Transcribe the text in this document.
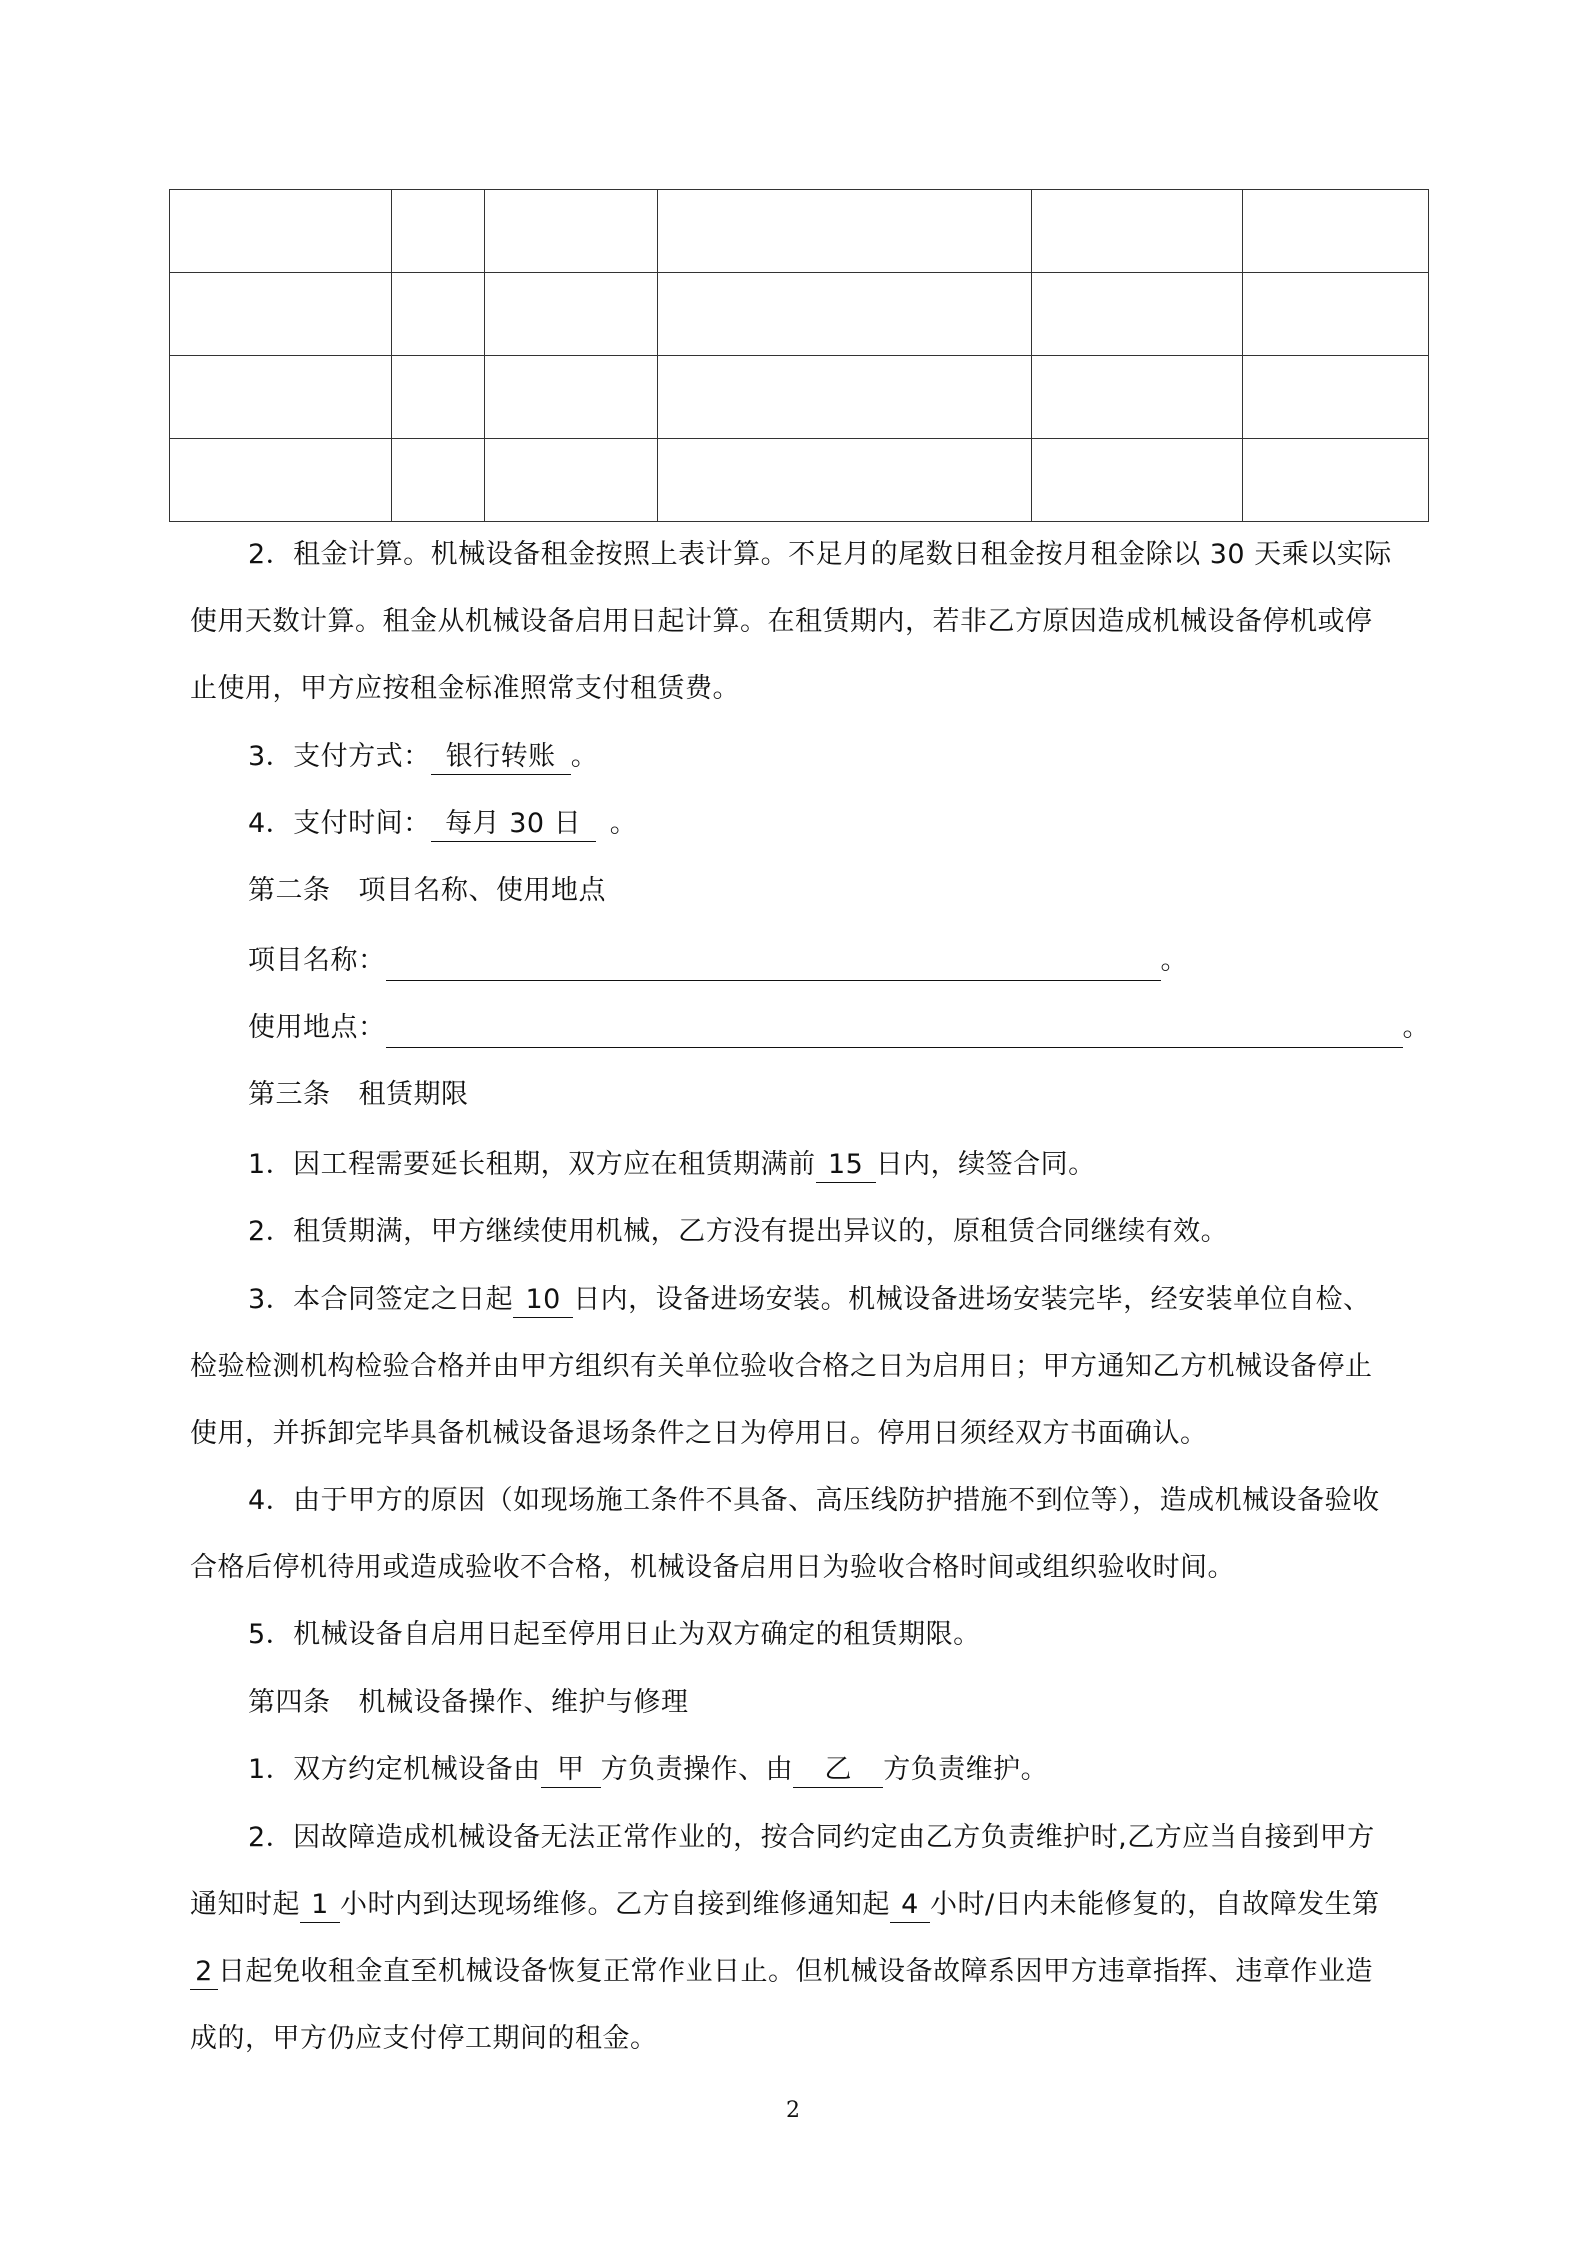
2．租金计算。机械设备租金按照上表计算。不足月的尾数日租金按月租金除以 30 天乘以实际
使用天数计算。租金从机械设备启用日起计算。在租赁期内，若非乙方原因造成机械设备停机或停
止使用，甲方应按租金标准照常支付租赁费。
3．支付方式： 银行转账 。
4．支付时间： 每月 30 日 。
第二条 项目名称、使用地点
项目名称：	。
使用地点：	。
第三条 租赁期限
1．因工程需要延长租期，双方应在租赁期满前 15 日内，续签合同。
2．租赁期满，甲方继续使用机械，乙方没有提出异议的，原租赁合同继续有效。
3．本合同签定之日起 10 日内，设备进场安装。机械设备进场安装完毕，经安装单位自检、
检验检测机构检验合格并由甲方组织有关单位验收合格之日为启用日；甲方通知乙方机械设备停止
使用，并拆卸完毕具备机械设备退场条件之日为停用日。停用日须经双方书面确认。
4．由于甲方的原因（如现场施工条件不具备、高压线防护措施不到位等），造成机械设备验收
合格后停机待用或造成验收不合格，机械设备启用日为验收合格时间或组织验收时间。
5．机械设备自启用日起至停用日止为双方确定的租赁期限。
第四条 机械设备操作、维护与修理
1．双方约定机械设备由 甲 方负责操作、由 乙 方负责维护。
2．因故障造成机械设备无法正常作业的，按合同约定由乙方负责维护时,乙方应当自接到甲方
通知时起 1 小时内到达现场维修。乙方自接到维修通知起 4 小时/日内未能修复的，自故障发生第
2 日起免收租金直至机械设备恢复正常作业日止。但机械设备故障系因甲方违章指挥、违章作业造
成的，甲方仍应支付停工期间的租金。
2
